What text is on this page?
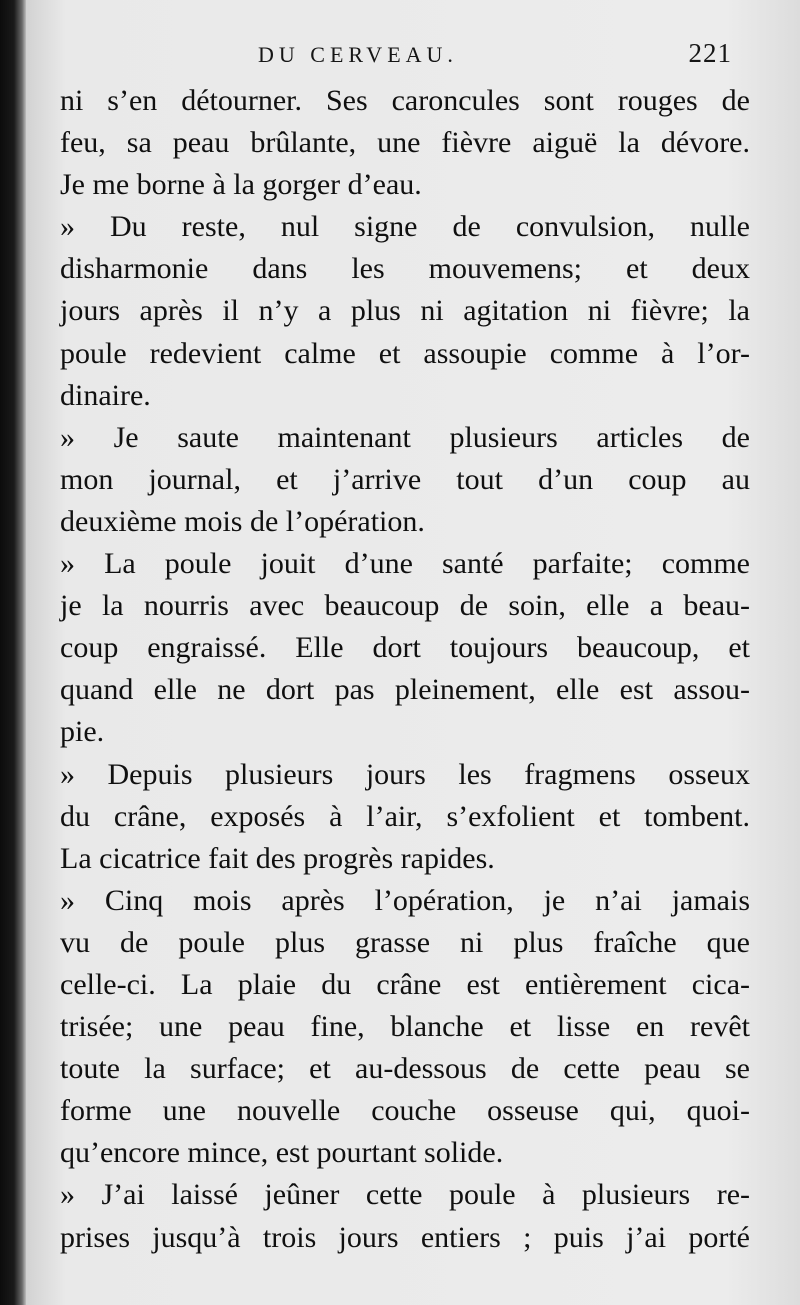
DU CERVEAU.	221
ni s’en détourner. Ses caroncules sont rouges de
feu, sa peau brûlante, une fièvre aiguë la dévore.
Je me borne à la gorger d’eau.
» Du reste, nul signe de convulsion, nulle
disharmonie dans les mouvemens; et deux
jours après il n’y a plus ni agitation ni fièvre; la
poule redevient calme et assoupie comme à l’or-
dinaire.
» Je saute maintenant plusieurs articles de
mon journal, et j’arrive tout d’un coup au
deuxième mois de l’opération.
» La poule jouit d’une santé parfaite; comme
je la nourris avec beaucoup de soin, elle a beau-
coup engraissé. Elle dort toujours beaucoup, et
quand elle ne dort pas pleinement, elle est assou-
pie.
» Depuis plusieurs jours les fragmens osseux
du crâne, exposés à l’air, s’exfolient et tombent.
La cicatrice fait des progrès rapides.
» Cinq mois après l’opération, je n’ai jamais
vu de poule plus grasse ni plus fraîche que
celle-ci. La plaie du crâne est entièrement cica-
trisée; une peau fine, blanche et lisse en revêt
toute la surface; et au-dessous de cette peau se
forme une nouvelle couche osseuse qui, quoi-
qu’encore mince, est pourtant solide.
» J’ai laissé jeûner cette poule à plusieurs re-
prises jusqu’à trois jours entiers ; puis j’ai porté
